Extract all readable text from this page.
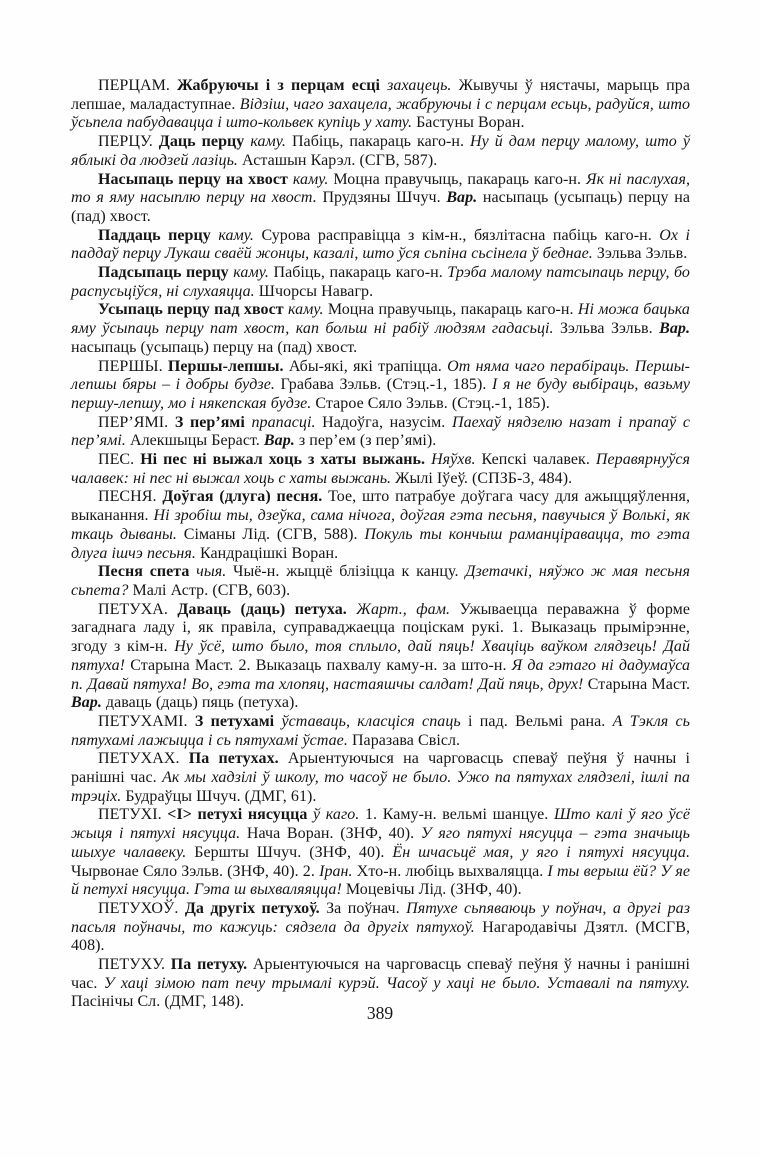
ПЕРЦАМ. Жабруючы і з перцам есці захацець. Жывучы ў нястачы, марыць пра лепшае, маладаступнае. Відзіш, чаго захацела, жабруючы і с перцам есьць, радуйся, што ўсьпела пабудавацца і што-кольвек купіць у хату. Бастуны Воран.

ПЕРЦУ. Даць перцу каму. Пабіць, пакараць каго-н. Ну й дам перцу малому, што ў яблыкі да людзей лазіць. Асташын Карэл. (СГВ, 587).

Насыпаць перцу на хвост каму. Моцна правучыць, пакараць каго-н. Як ні паслухая, то я яму насыплю перцу на хвост. Прудзяны Шчуч. Вар. насыпаць (усыпаць) перцу на (пад) хвост.

Паддаць перцу каму. Сурова расправіцца з кім-н., бязлітасна пабіць каго-н. Ох і паддаў перцу Лукаш сваёй жонцы, казалі, што ўся сьпіна сьсінела ў беднае. Зэльва Зэльв.

Падсыпаць перцу каму. Пабіць, пакараць каго-н. Трэба малому патсыпаць перцу, бо распусьціўся, ні слухаяцца. Шчорсы Навагр.

Усыпаць перцу пад хвост каму. Моцна правучыць, пакараць каго-н. Ні можа бацька яму ўсыпаць перцу пат хвост, кап больш ні рабіў людзям гадасьці. Зэльва Зэльв. Вар. насыпаць (усыпаць) перцу на (пад) хвост.

ПЕРШЫ. Першы-лепшы. Абы-які, які трапіцца. От няма чаго перабіраць. Першы-лепшы бяры – і добры будзе. Грабава Зэльв. (Стэц.-1, 185). І я не буду выбіраць, вазьму першу-лепшу, мо і някепская будзе. Старое Сяло Зэльв. (Стэц.-1, 185).

ПЕР’ЯМІ. З пер’ямі прапасці. Надоўга, назусім. Паехаў нядзелю назат і прапаў с пер’ямі. Алекшыцы Бераст. Вар. з пер’ем (з пер’ямі).

ПЕС. Ні пес ні выжал хоць з хаты выжань. Няўхв. Кепскі чалавек. Перавярнуўся чалавек: ні пес ні выжал хоць с хаты выжань. Жылі Іўеў. (СПЗБ-3, 484).

ПЕСНЯ. Доўгая (длуга) песня. Тое, што патрабуе доўгага часу для ажыццяўлення, выканання. Ні зробіш ты, дзеўка, сама нічога, доўгая гэта песьня, павучыся ў Волькі, як ткаць дываны. Сіманы Лід. (СГВ, 588). Покуль ты кончыш раманціравацца, то гэта длуга ішчэ песьня. Кандрацішкі Воран.

Песня спета чыя. Чыё-н. жыццё блізіцца к канцу. Дзетачкі, няўжо ж мая песьня сьпета? Малі Астр. (СГВ, 603).

ПЕТУХА. Даваць (даць) петуха. Жарт., фам. Ужываецца пераважна ў форме загаднага ладу і, як правіла, суправаджаецца поціскам рукі. 1. Выказаць прымірэнне, згоду з кім-н. Ну ўсё, што было, тоя сплыло, дай пяць! Хваціць ваўком глядзець! Дай пятуха! Старына Маст. 2. Выказаць пахвалу каму-н. за што-н. Я да гэтаго ні дадумаўса п. Давай пятуха! Во, гэта та хлопяц, настаяшчы салдат! Дай пяць, друх! Старына Маст. Вар. даваць (даць) пяць (петуха).

ПЕТУХАМІ. З петухамі ўставаць, класціся спаць і пад. Вельмі рана. А Тэкля сь пятухамі лажыцца і сь пятухамі ўстае. Паразава Свісл.

ПЕТУХАХ. Па петухах. Арыентуючыся на чарговасць спеваў пеўня ў начны і ранішні час. Ак мы хадзілі ў школу, то часоў не было. Ужо па пятухах глядзелі, ішлі па трэціх. Будраўцы Шчуч. (ДМГ, 61).

ПЕТУХІ. <І> петухі нясуцца ў каго. 1. Каму-н. вельмі шанцуе. Што калі ў яго ўсё жыця і пятухі нясуцца. Нача Воран. (ЗНФ, 40). У яго пятухі нясуцца – гэта значыць шыхуе чалавеку. Бершты Шчуч. (ЗНФ, 40). Ён шчасьцё мая, у яго і пятухі нясуцца. Чырвонае Сяло Зэльв. (ЗНФ, 40). 2. Іран. Хто-н. любіць выхваляцца. І ты верыш ёй? У яе й петухі нясуцца. Гэта ш выхваляяцца! Моцевічы Лід. (ЗНФ, 40).

ПЕТУХОЎ. Да другіх петухоў. За поўнач. Пятухе сьпяваюць у поўнач, а другі раз пасьля поўначы, то кажуць: сядзела да другіх пятухоў. Нагародавічы Дзятл. (МСГВ, 408).

ПЕТУХУ. Па петуху. Арыентуючыся на чарговасць спеваў пеўня ў начны і ранішні час. У хаці зімою пат печу трымалі курэй. Часоў у хаці не было. Уставалі па пятуху. Пасінічы Сл. (ДМГ, 148).

389
